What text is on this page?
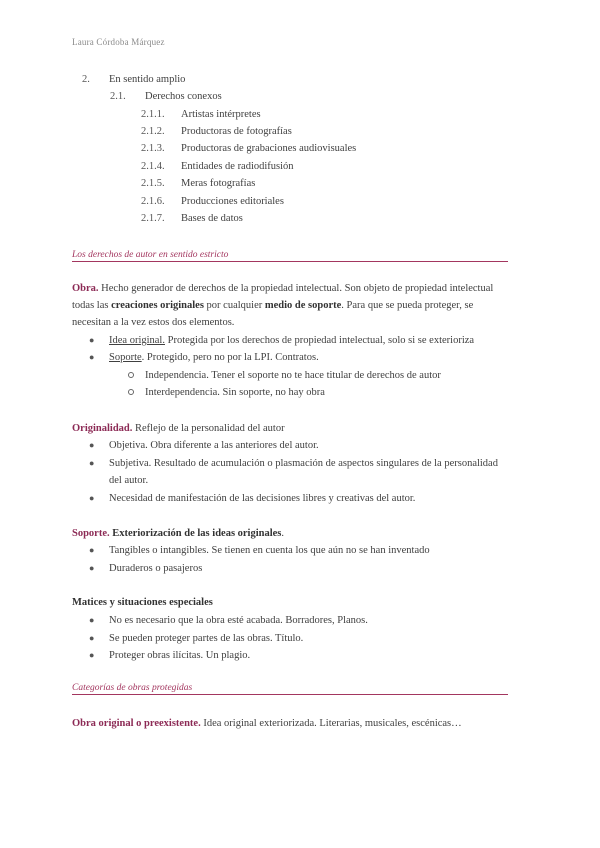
Laura Córdoba Márquez
2. En sentido amplio
2.1. Derechos conexos
2.1.1. Artistas intérpretes
2.1.2. Productoras de fotografías
2.1.3. Productoras de grabaciones audiovisuales
2.1.4. Entidades de radiodifusión
2.1.5. Meras fotografías
2.1.6. Producciones editoriales
2.1.7. Bases de datos
Los derechos de autor en sentido estricto
Obra. Hecho generador de derechos de la propiedad intelectual. Son objeto de propiedad intelectual
todas las creaciones originales por cualquier medio de soporte. Para que se pueda proteger, se
necesitan a la vez estos dos elementos.
● Idea original. Protegida por los derechos de propiedad intelectual, solo si se exterioriza
● Soporte. Protegido, pero no por la LPI. Contratos.
Independencia. Tener el soporte no te hace titular de derechos de autor
Interdependencia. Sin soporte, no hay obra
Originalidad. Reflejo de la personalidad del autor
● Objetiva. Obra diferente a las anteriores del autor.
● Subjetiva. Resultado de acumulación o plasmación de aspectos singulares de la personalidad
del autor.
● Necesidad de manifestación de las decisiones libres y creativas del autor.
Soporte. Exteriorización de las ideas originales.
● Tangibles o intangibles. Se tienen en cuenta los que aún no se han inventado
● Duraderos o pasajeros
Matices y situaciones especiales
● No es necesario que la obra esté acabada. Borradores, Planos.
● Se pueden proteger partes de las obras. Título.
● Proteger obras ilícitas. Un plagio.
Categorías de obras protegidas
Obra original o preexistente. Idea original exteriorizada. Literarias, musicales, escénicas…
